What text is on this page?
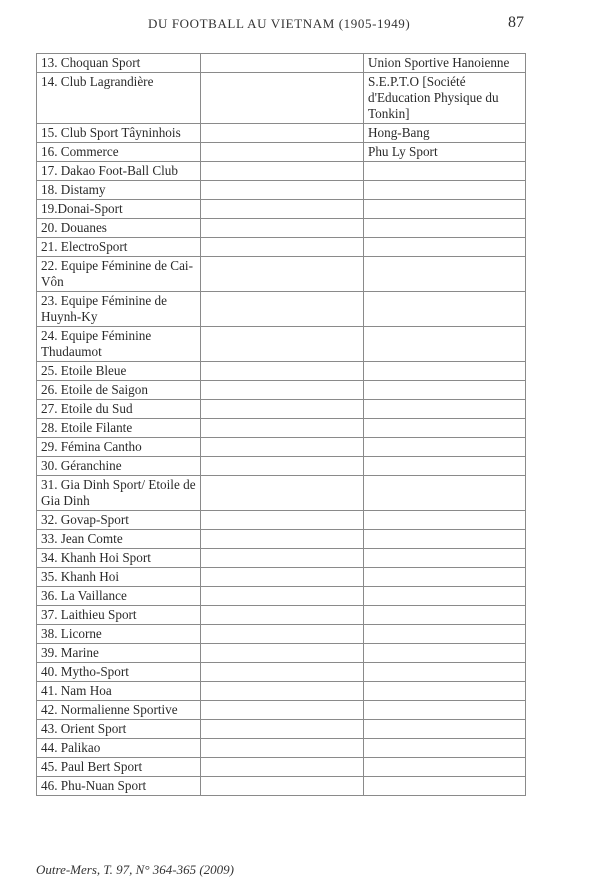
DU FOOTBALL AU VIETNAM (1905-1949)	87
13. Choquan Sport		Union Sportive Hanoienne

14. Club Lagrandière		S.E.P.T.O [Société d'Education Physique du Tonkin]

15. Club Sport Tâyninhois		Hong-Bang

16. Commerce		Phu Ly Sport

17. Dakao Foot-Ball Club		

18. Distamy		

19.Donai-Sport		

20. Douanes		

21. ElectroSport		

22. Equipe Féminine de Cai-Vôn		

23. Equipe Féminine de Huynh-Ky		

24. Equipe Féminine Thudaumot		

25. Etoile Bleue		

26. Etoile de Saigon		

27. Etoile du Sud		

28. Etoile Filante		

29. Fémina Cantho		

30. Géranchine		

31. Gia Dinh Sport/ Etoile de Gia Dinh		

32. Govap-Sport		

33. Jean Comte		

34. Khanh Hoi Sport		

35. Khanh Hoi		

36. La Vaillance		

37. Laithieu Sport		

38. Licorne		

39. Marine		

40. Mytho-Sport		

41. Nam Hoa		

42. Normalienne Sportive		

43. Orient Sport		

44. Palikao		

45. Paul Bert Sport		

46. Phu-Nuan Sport		

Outre-Mers, T. 97, N° 364-365 (2009)
